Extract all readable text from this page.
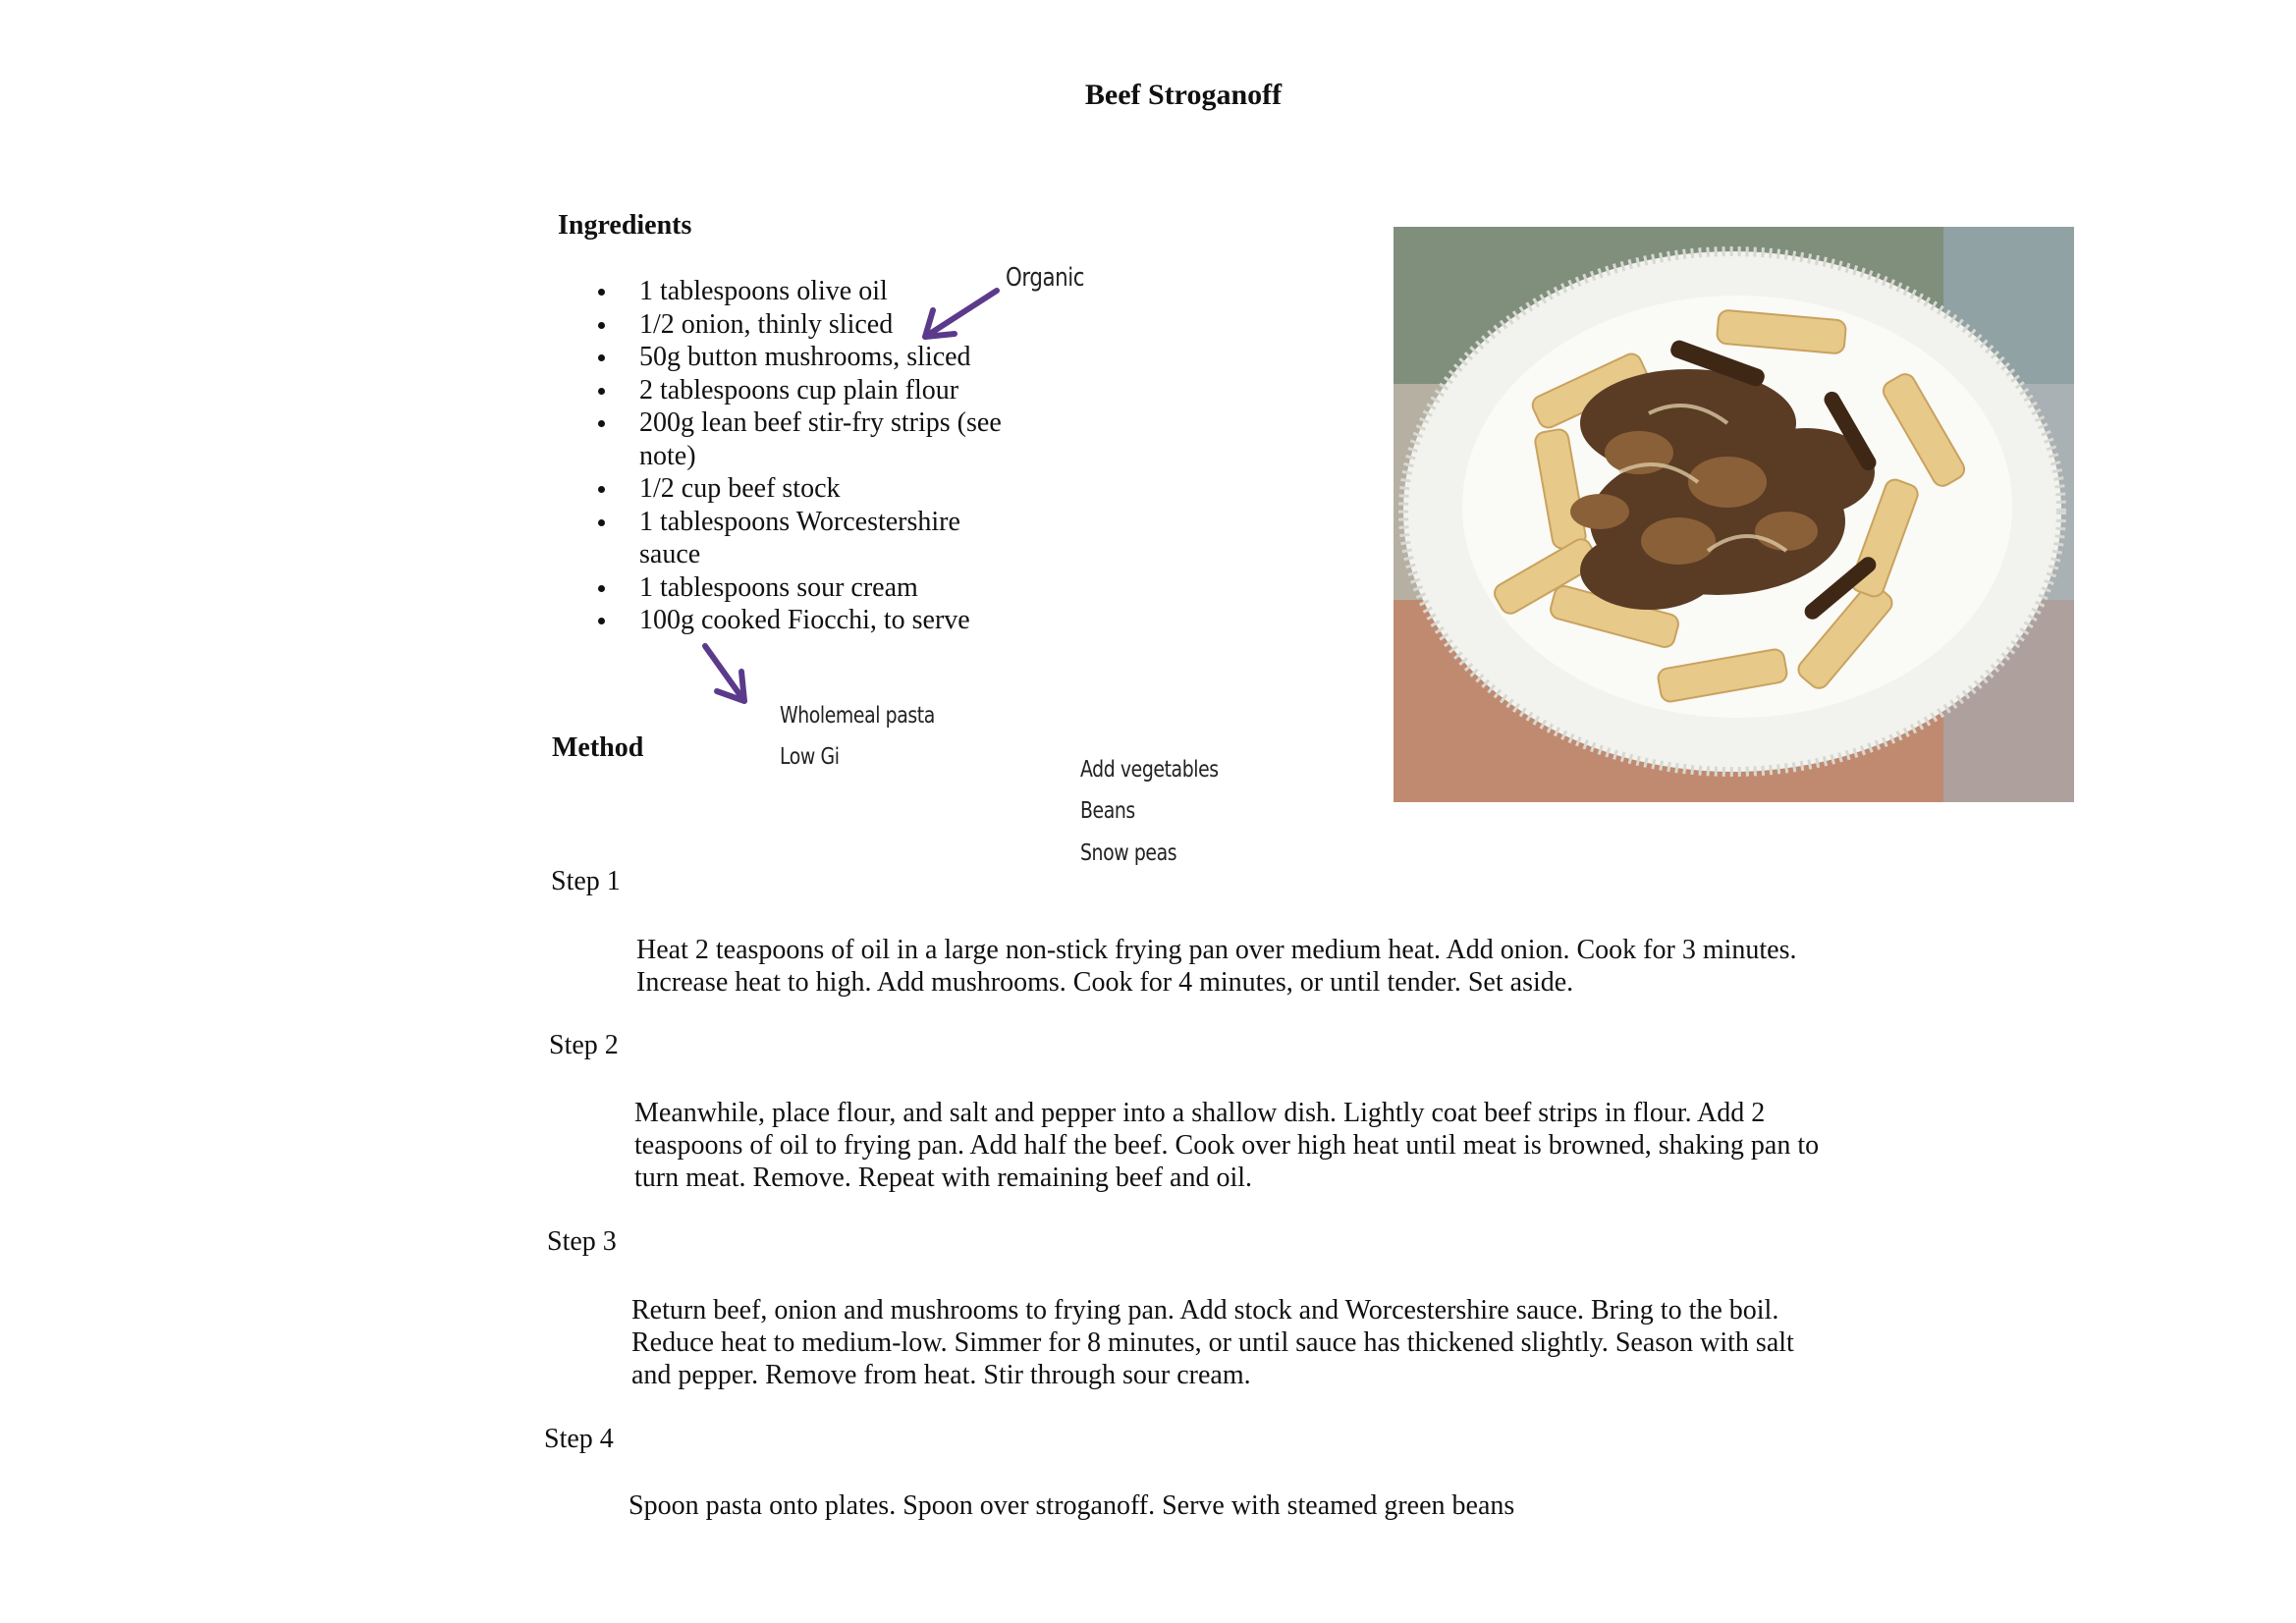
Beef Stroganoff
Ingredients
1 tablespoons olive oil
1/2 onion, thinly sliced
50g button mushrooms, sliced
2 tablespoons cup plain flour
200g lean beef stir-fry strips (see note)
1/2 cup beef stock
1 tablespoons Worcestershire sauce
1 tablespoons sour cream
100g cooked Fiocchi, to serve
Organic
Wholemeal pasta
Low Gi	Add vegetables
Beans
Snow peas
Method
Step 1
Heat 2 teaspoons of oil in a large non-stick frying pan over medium heat. Add onion. Cook for 3 minutes. Increase heat to high. Add mushrooms. Cook for 4 minutes, or until tender. Set aside.
Step 2
Meanwhile, place flour, and salt and pepper into a shallow dish. Lightly coat beef strips in flour. Add 2 teaspoons of oil to frying pan. Add half the beef. Cook over high heat until meat is browned, shaking pan to turn meat. Remove. Repeat with remaining beef and oil.
Step 3
Return beef, onion and mushrooms to frying pan. Add stock and Worcestershire sauce. Bring to the boil. Reduce heat to medium-low. Simmer for 8 minutes, or until sauce has thickened slightly. Season with salt and pepper. Remove from heat. Stir through sour cream.
Step 4
Spoon pasta onto plates. Spoon over stroganoff. Serve with steamed green beans
